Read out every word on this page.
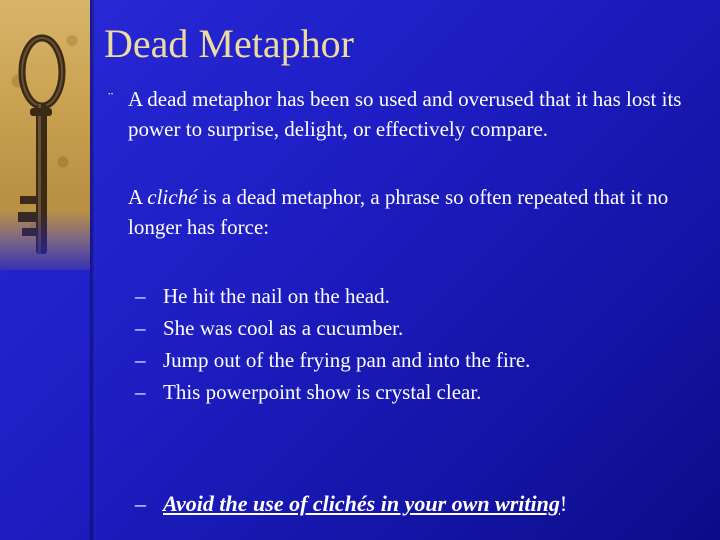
Dead Metaphor
¨ A dead metaphor has been so used and overused that it has lost its power to surprise, delight, or effectively compare.
A cliché is a dead metaphor, a phrase so often repeated that it no longer has force:
– He hit the nail on the head.
– She was cool as a cucumber.
– Jump out of the frying pan and into the fire.
– This powerpoint show is crystal clear.
– Avoid the use of clichés in your own writing!
